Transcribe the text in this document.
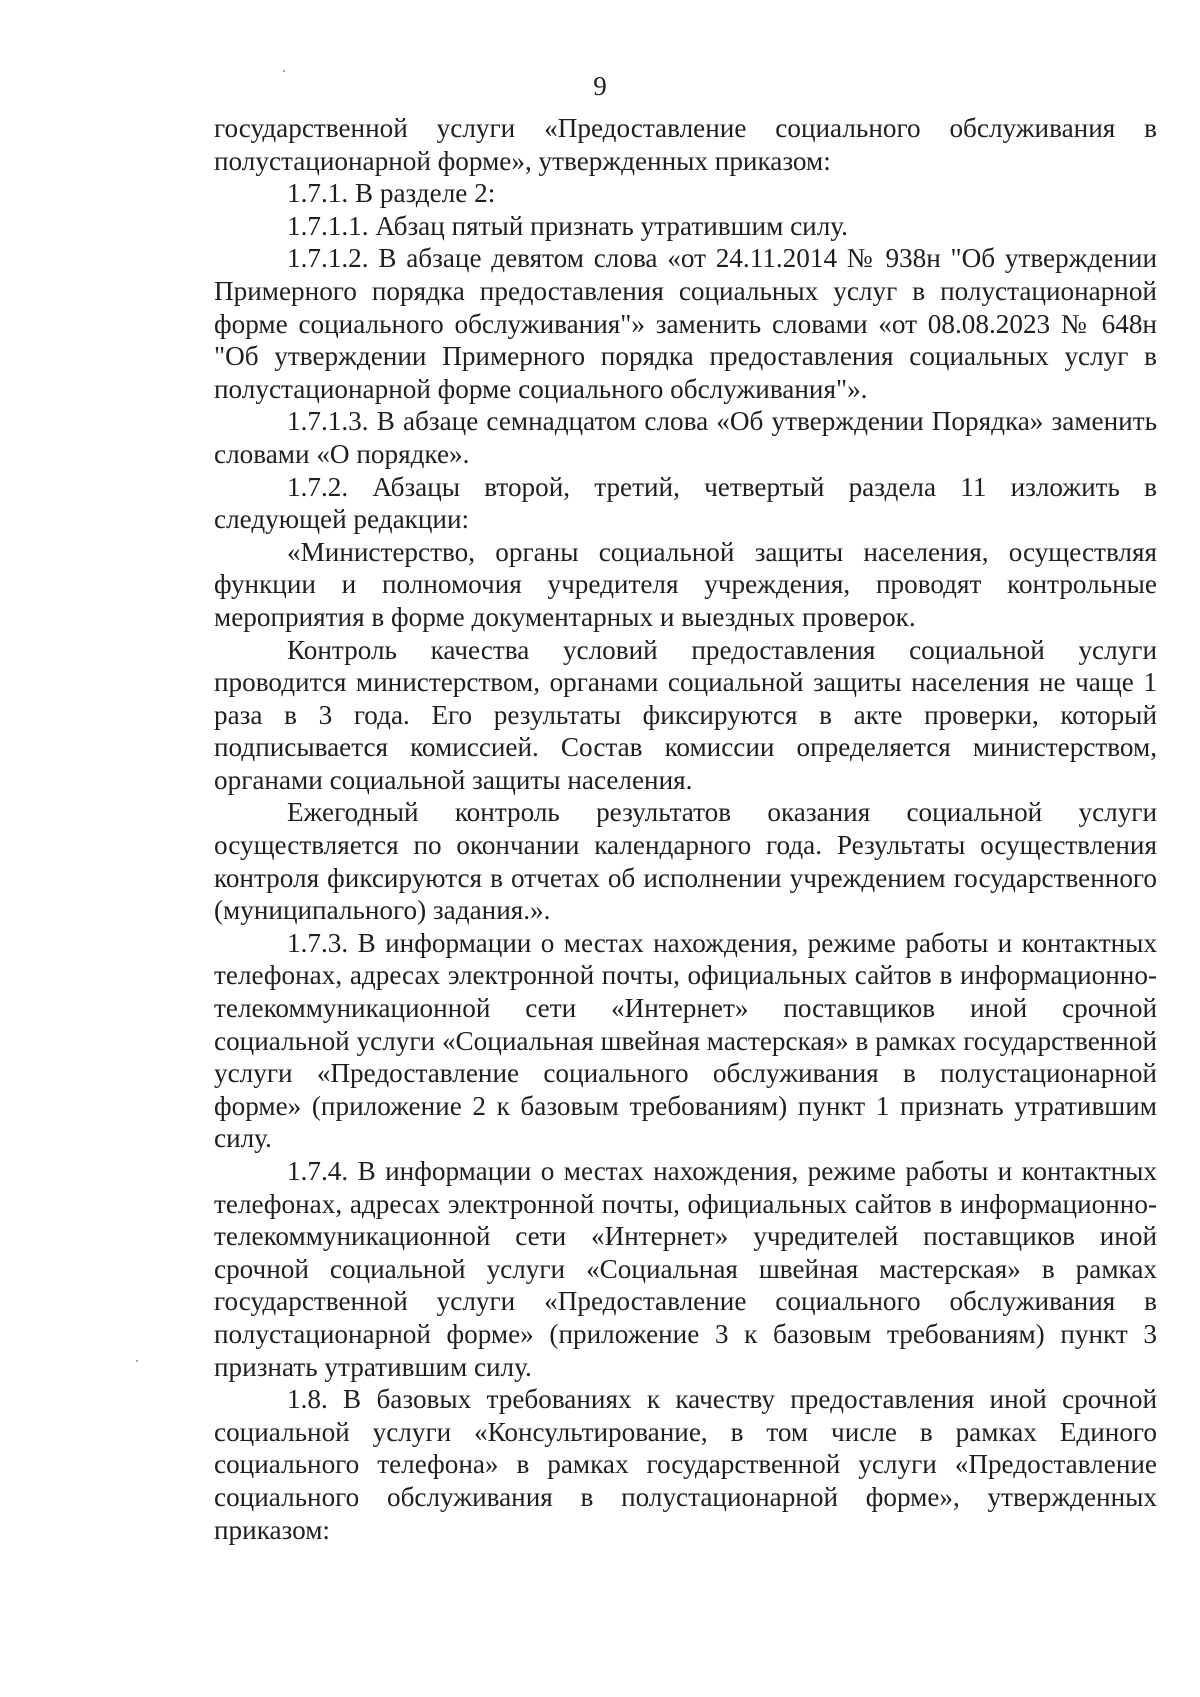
9

государственной услуги «Предоставление социального обслуживания в полустационарной форме», утвержденных приказом:

1.7.1. В разделе 2:

1.7.1.1. Абзац пятый признать утратившим силу.

1.7.1.2. В абзаце девятом слова «от 24.11.2014 № 938н "Об утверждении Примерного порядка предоставления социальных услуг в полустационарной форме социального обслуживания"» заменить словами «от 08.08.2023 № 648н "Об утверждении Примерного порядка предоставления социальных услуг в полустационарной форме социального обслуживания"».

1.7.1.3. В абзаце семнадцатом слова «Об утверждении Порядка» заменить словами «О порядке».

1.7.2. Абзацы второй, третий, четвертый раздела 11 изложить в следующей редакции:

«Министерство, органы социальной защиты населения, осуществляя функции и полномочия учредителя учреждения, проводят контрольные мероприятия в форме документарных и выездных проверок.

Контроль качества условий предоставления социальной услуги проводится министерством, органами социальной защиты населения не чаще 1 раза в 3 года. Его результаты фиксируются в акте проверки, который подписывается комиссией. Состав комиссии определяется министерством, органами социальной защиты населения.

Ежегодный контроль результатов оказания социальной услуги осуществляется по окончании календарного года. Результаты осуществления контроля фиксируются в отчетах об исполнении учреждением государственного (муниципального) задания.».

1.7.3. В информации о местах нахождения, режиме работы и контактных телефонах, адресах электронной почты, официальных сайтов в информационно-телекоммуникационной сети «Интернет» поставщиков иной срочной социальной услуги «Социальная швейная мастерская» в рамках государственной услуги «Предоставление социального обслуживания в полустационарной форме» (приложение 2 к базовым требованиям) пункт 1 признать утратившим силу.

1.7.4. В информации о местах нахождения, режиме работы и контактных телефонах, адресах электронной почты, официальных сайтов в информационно-телекоммуникационной сети «Интернет» учредителей поставщиков иной срочной социальной услуги «Социальная швейная мастерская» в рамках государственной услуги «Предоставление социального обслуживания в полустационарной форме» (приложение 3 к базовым требованиям) пункт 3 признать утратившим силу.

1.8. В базовых требованиях к качеству предоставления иной срочной социальной услуги «Консультирование, в том числе в рамках Единого социального телефона» в рамках государственной услуги «Предоставление социального обслуживания в полустационарной форме», утвержденных приказом:
